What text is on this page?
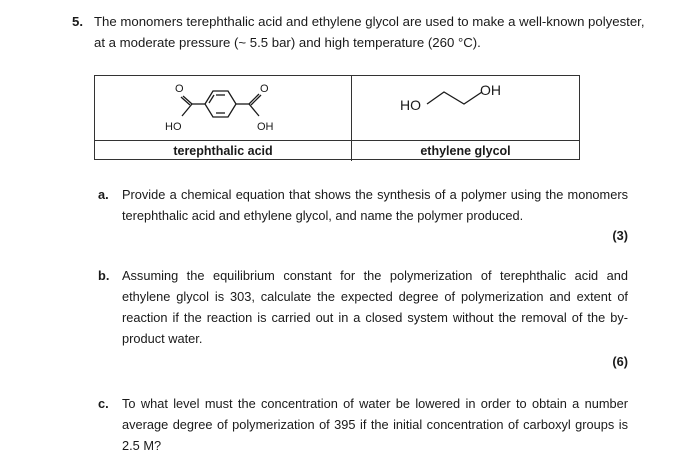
5. The monomers terephthalic acid and ethylene glycol are used to make a well-known polyester, at a moderate pressure (~ 5.5 bar) and high temperature (260 °C).
O	O
HO	OH
HO
OH
terephthalic acid	ethylene glycol
a. Provide a chemical equation that shows the synthesis of a polymer using the monomers terephthalic acid and ethylene glycol, and name the polymer produced.
(3)
b. Assuming the equilibrium constant for the polymerization of terephthalic acid and ethylene glycol is 303, calculate the expected degree of polymerization and extent of reaction if the reaction is carried out in a closed system without the removal of the by-product water.
(6)
c. To what level must the concentration of water be lowered in order to obtain a number average degree of polymerization of 395 if the initial concentration of carboxyl groups is 2.5 M?
